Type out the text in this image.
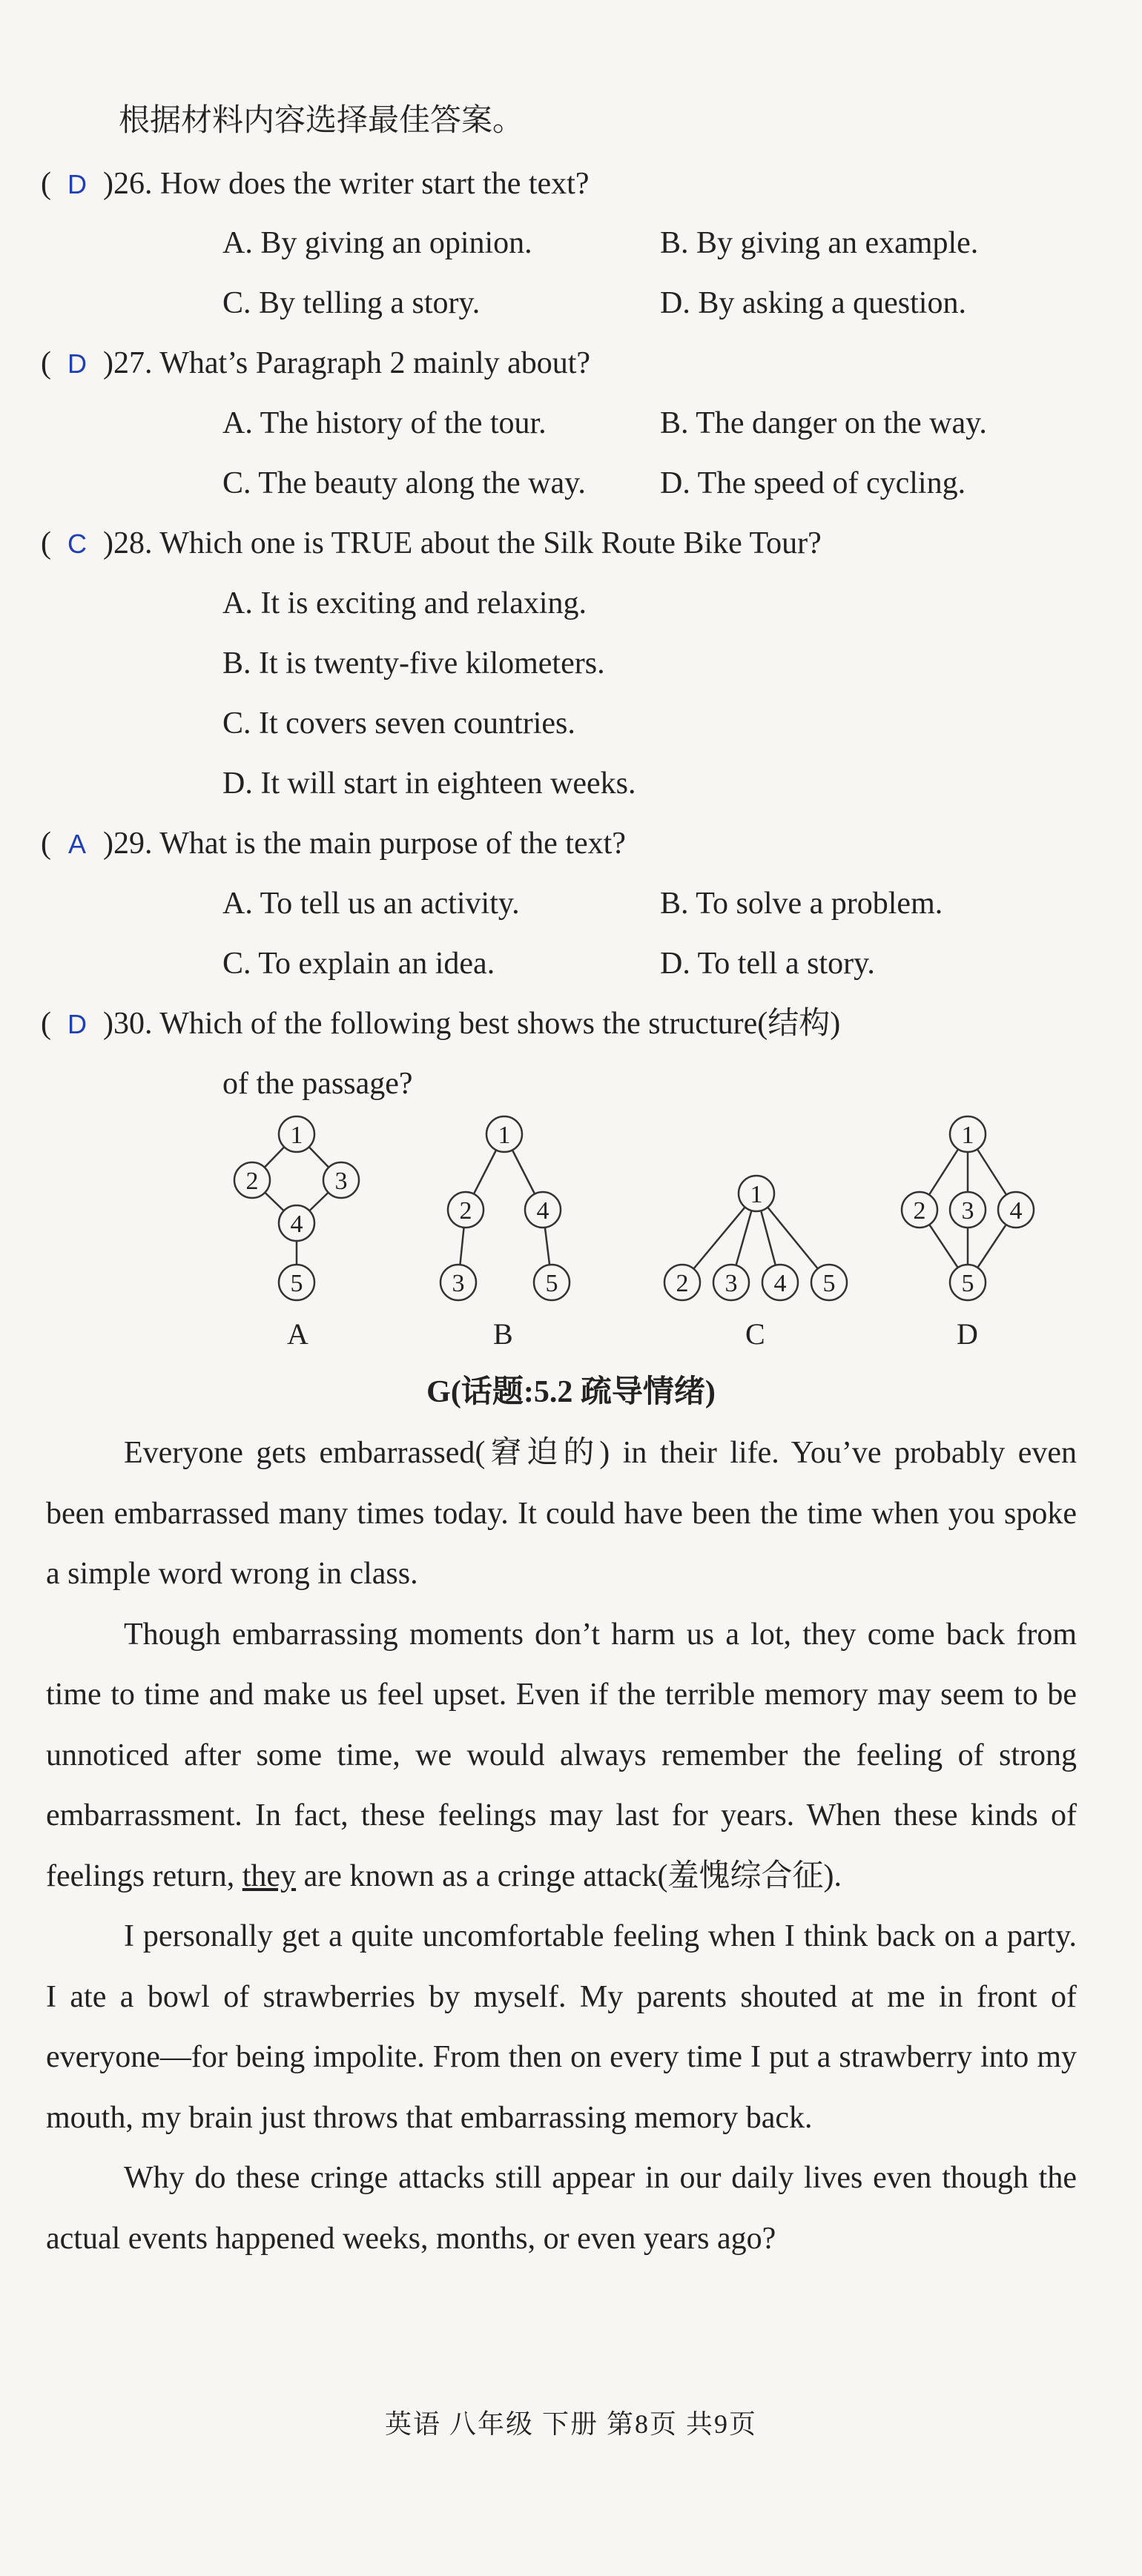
根据材料内容选择最佳答案。
( D )26. How does the writer start the text?
A. By giving an opinion.	B. By giving an example.
C. By telling a story.	D. By asking a question.
( D )27. What’s Paragraph 2 mainly about?
A. The history of the tour.	B. The danger on the way.
C. The beauty along the way. D. The speed of cycling.
( C )28. Which one is TRUE about the Silk Route Bike Tour?
A. It is exciting and relaxing.
B. It is twenty-five kilometers.
C. It covers seven countries.
D. It will start in eighteen weeks.
( A )29. What is the main purpose of the text?
A. To tell us an activity.	B. To solve a problem.
C. To explain an idea.	D. To tell a story.
( D )30. Which of the following best shows the structure(结构)
of the passage?
1
2	3
4
5
1
2	4
3	5
1
2 3 4 5
1
2 3 4
5
A	B	C	D
G(话题:5.2 疏导情绪)

Everyone gets embarrassed(窘迫的) in their life. You’ve probably even been embarrassed many times today. It could have been the time when you spoke a simple word wrong in class.

Though embarrassing moments don’t harm us a lot, they come back from time to time and make us feel upset. Even if the terrible memory may seem to be unnoticed after some time, we would always remember the feeling of strong embarrassment. In fact, these feelings may last for years. When these kinds of feelings return, they are known as a cringe attack(羞愧综合征).

I personally get a quite uncomfortable feeling when I think back on a party. I ate a bowl of strawberries by myself. My parents shouted at me in front of everyone—for being impolite. From then on every time I put a strawberry into my mouth, my brain just throws that embarrassing memory back.

Why do these cringe attacks still appear in our daily lives even though the actual events happened weeks, months, or even years ago?

英语 八年级 下册 第8页 共9页
